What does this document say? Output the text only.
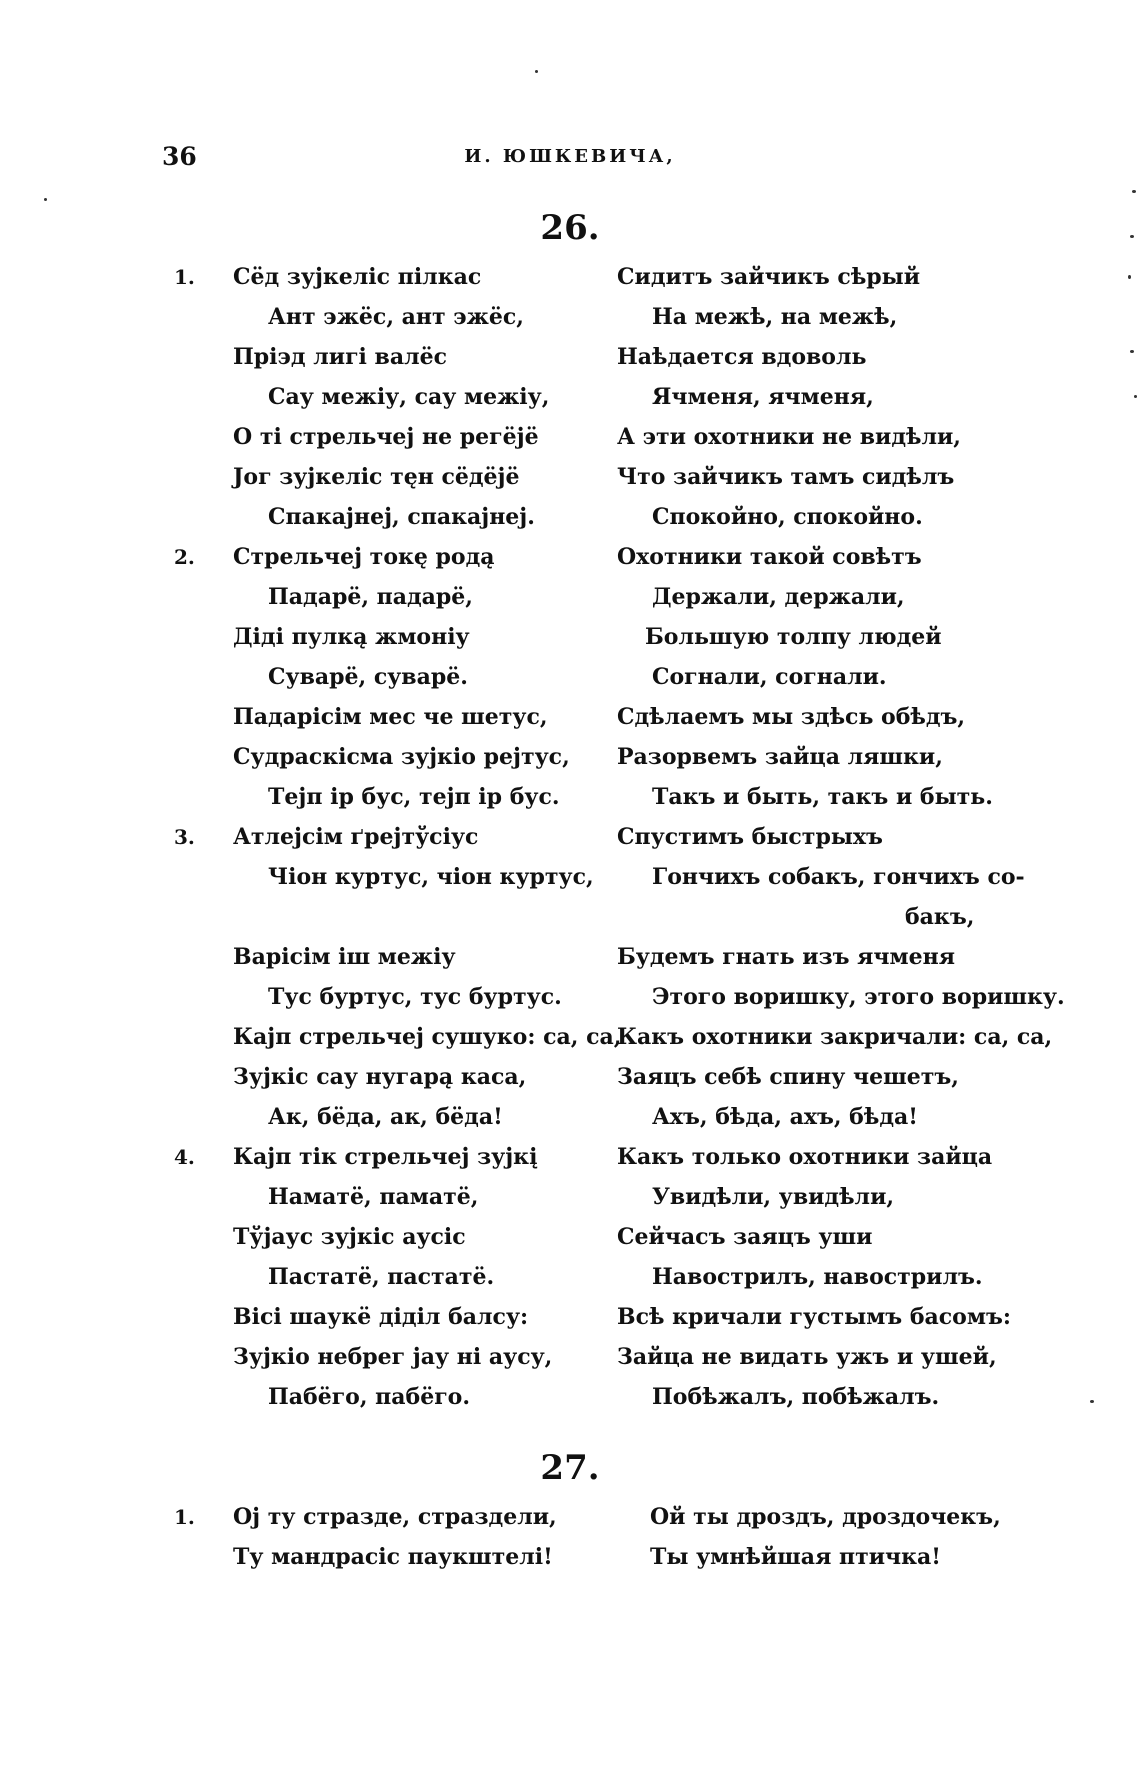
36	И. ЮШКЕВИЧА,
26.
1. Сёд зујкеліс пілкас
Ант эжёс, ант эжёс,
Пріэд лигі валёс
Сау межіу, сау межіу,
О ті стрельчеј не регёјё
Јог зујкеліс тęн сёдёјё
Спакајнеј, спакајнеј.
Сидитъ зайчикъ сѣрый
На межѣ, на межѣ,
Наѣдается вдоволь
Ячменя, ячменя,
А эти охотники не видѣли,
Что зайчикъ тамъ сидѣлъ
Спокойно, спокойно.
2. Стрельчеј токę родą
Падарё, падарё,
Діді пулкą жмоніу
Суварё, суварё.
Падарісім мес че шетус,
Судраскісма зујкіо рејтус,
Тејп ір бус, тејп ір бус.
Охотники такой совѣтъ
Держали, держали,
Большую толпу людей
Согнали, согнали.
Сдѣлаемъ мы здѣсь обѣдъ,
Разорвемъ зайца ляшки,
Такъ и быть, такъ и быть.
3. Атлејсім ґрејтўсіус
Чіон куртус, чіон куртус,
Варісім іш межіу
Тус буртус, тус буртус.
Кајп стрельчеј сушуко: са, са,
Зујкіс сау нугарą каса,
Ак, бёда, ак, бёда!
Спустимъ быстрыхъ
Гончихъ собакъ, гончихъ со-
бакъ,
Будемъ гнать изъ ячменя
Этого воришку, этого воришку.
Какъ охотники закричали: са, са,
Заяцъ себѣ спину чешетъ,
Ахъ, бѣда, ахъ, бѣда!
4. Кајп тік стрельчеј зујкį
Наматё, паматё,
Тўјаус зујкіс аусіс
Пастатё, пастатё.
Вісі шаукё діділ балсу:
Зујкіо небрег јау ні аусу,
Пабёго, пабёго.
Какъ только охотники зайца
Увидѣли, увидѣли,
Сейчасъ заяцъ уши
Навострилъ, навострилъ.
Всѣ кричали густымъ басомъ:
Зайца не видать ужъ и ушей,
Побѣжалъ, побѣжалъ.
27.
1. Ој ту стразде, страздели,
Ту мандрасіс паукштелі!
Ой ты дроздъ, дроздочекъ,
Ты умнѣйшая птичка!
